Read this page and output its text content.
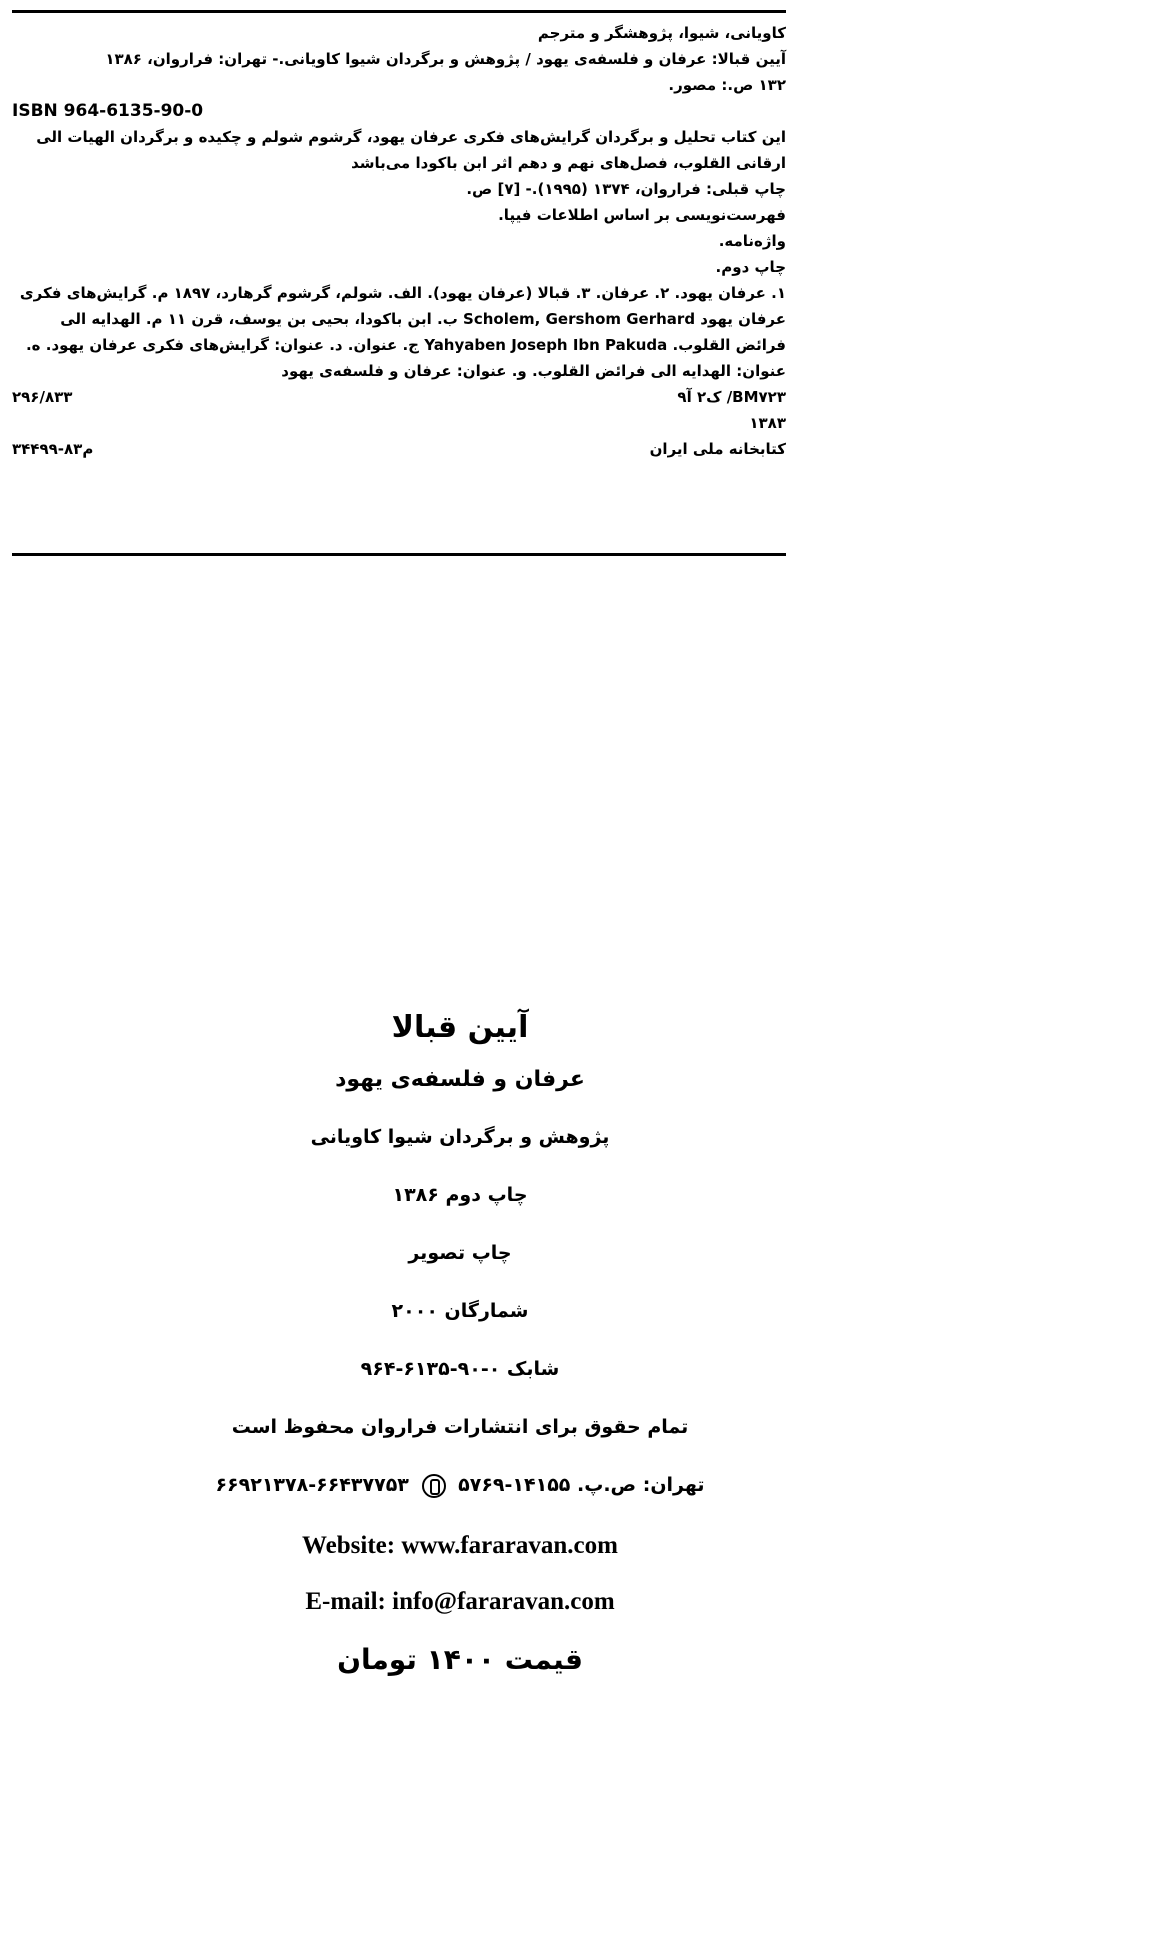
کاویانی، شیوا، پژوهشگر و مترجم

آیین قبالا: عرفان و فلسفه‌ی یهود / پژوهش و برگردان شیوا کاویانی.- تهران: فراروان، ۱۳۸۶

۱۳۲ ص.: مصور.

ISBN 964-6135-90-0

این کتاب تحلیل و برگردان گرایش‌های فکری عرفان یهود، گرشوم شولم و چکیده و برگردان الهیات الی ارقانی القلوب، فصل‌های نهم و دهم اثر ابن باکودا می‌باشد

چاپ قبلی: فراروان، ۱۳۷۴ (۱۹۹۵).- [۷] ص.

فهرست‌نویسی بر اساس اطلاعات فیپا.

واژه‌نامه.

چاپ دوم.

۱. عرفان یهود. ۲. عرفان. ۳. قبالا (عرفان یهود). الف. شولم، گرشوم گرهارد، ۱۸۹۷ م. گرایش‌های فکری عرفان یهود Scholem, Gershom Gerhard ب. ابن باکودا، بحیی بن یوسف، قرن ۱۱ م. الهدایه الی فرائض القلوب. Yahyaben Joseph Ibn Pakuda ج. عنوان. د. عنوان: گرایش‌های فکری عرفان یهود. ه. عنوان: الهدایه الی فرائض القلوب. و. عنوان: عرفان و فلسفه‌ی یهود

BM۷۲۳/ ک۲ آ۹
۲۹۶/۸۳۳

۱۳۸۳

کتابخانه ملی ایران
م۸۳-۳۴۴۹۹

آیین قبالا

عرفان و فلسفه‌ی یهود

پژوهش و برگردان شیوا کاویانی

چاپ دوم ۱۳۸۶

چاپ تصویر

شمارگان ۲۰۰۰

شابک ۰-۹۰-۶۱۳۵-۹۶۴

تمام حقوق برای انتشارات فراروان محفوظ است

تهران: ص.پ. ۱۴۱۵۵-۵۷۶۹  ۶۶۴۳۷۷۵۳-۶۶۹۲۱۳۷۸

Website: www.fararavan.com

E-mail: info@fararavan.com

قیمت ۱۴۰۰ تومان
